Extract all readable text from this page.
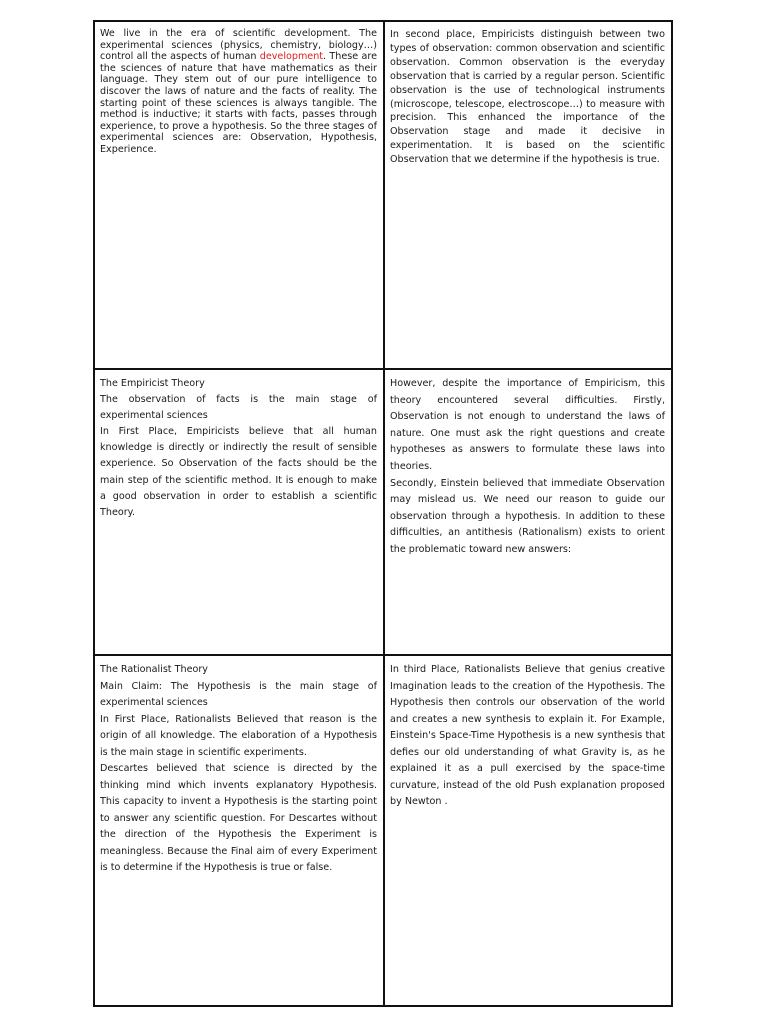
We live in the era of scientific development. The experimental sciences (physics, chemistry, biology…) control all the aspects of human development. These are the sciences of nature that have mathematics as their language. They stem out of our pure intelligence to discover the laws of nature and the facts of reality. The starting point of these sciences is always tangible. The method is inductive; it starts with facts, passes through experience, to prove a hypothesis. So the three stages of experimental sciences are: Observation, Hypothesis, Experience.

In second place, Empiricists distinguish between two types of observation: common observation and scientific observation. Common observation is the everyday observation that is carried by a regular person. Scientific observation is the use of technological instruments (microscope, telescope, electroscope…) to measure with precision. This enhanced the importance of the Observation stage and made it decisive in experimentation. It is based on the scientific Observation that we determine if the hypothesis is true.

The Empiricist Theory

The observation of facts is the main stage of experimental sciences

In First Place, Empiricists believe that all human knowledge is directly or indirectly the result of sensible experience. So Observation of the facts should be the main step of the scientific method. It is enough to make a good observation in order to establish a scientific Theory.

However, despite the importance of Empiricism, this theory encountered several difficulties. Firstly, Observation is not enough to understand the laws of nature. One must ask the right questions and create hypotheses as answers to formulate these laws into theories.

Secondly, Einstein believed that immediate Observation may mislead us. We need our reason to guide our observation through a hypothesis. In addition to these difficulties, an antithesis (Rationalism) exists to orient the problematic toward new answers:

The Rationalist Theory

Main Claim: The Hypothesis is the main stage of experimental sciences

In First Place, Rationalists Believed that reason is the origin of all knowledge. The elaboration of a Hypothesis is the main stage in scientific experiments.

Descartes believed that science is directed by the thinking mind which invents explanatory Hypothesis. This capacity to invent a Hypothesis is the starting point to answer any scientific question. For Descartes without the direction of the Hypothesis the Experiment is meaningless. Because the Final aim of every Experiment is to determine if the Hypothesis is true or false.

In third Place, Rationalists Believe that genius creative Imagination leads to the creation of the Hypothesis. The Hypothesis then controls our observation of the world and creates a new synthesis to explain it. For Example, Einstein's Space-Time Hypothesis is a new synthesis that defies our old understanding of what Gravity is, as he explained it as a pull exercised by the space-time curvature, instead of the old Push explanation proposed by Newton .
